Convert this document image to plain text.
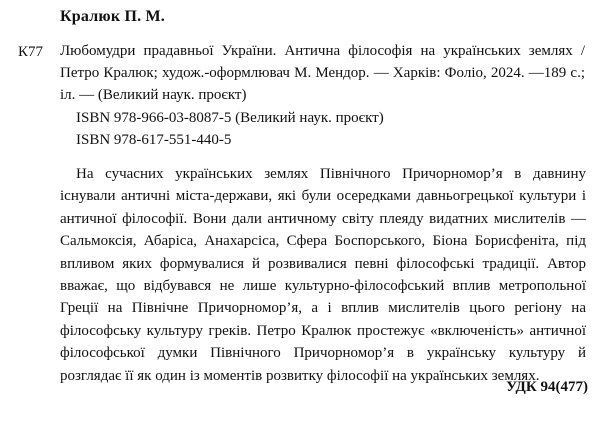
Кралюк П. М.
К77 Любомудри прадавньої України. Антична філософія на українських землях / Петро Кралюк; худож.-оформлювач М. Мендор. — Харків: Фоліо, 2024. —189 с.; іл. — (Великий наук. проєкт)
ISBN 978-966-03-8087-5 (Великий наук. проєкт)
ISBN 978-617-551-440-5
На сучасних українських землях Північного Причорномор’я в давнину існували античні міста-держави, які були осередками давньогрецької культури і античної філософії. Вони дали античному світу плеяду видатних мислителів — Сальмоксія, Абаріса, Анахарсіса, Сфера Боспорського, Біона Борисфеніта, під впливом яких формувалися й розвивалися певні філософські традиції. Автор вважає, що відбувався не лише культурно-філософський вплив метропольної Греції на Північне Причорномор’я, а і вплив мислителів цього регіону на філософську культуру греків. Петро Кралюк простежує «включеність» античної філософської думки Північного Причорномор’я в українську культуру й розглядає її як один із моментів розвитку філософії на українських землях.
УДК 94(477)
